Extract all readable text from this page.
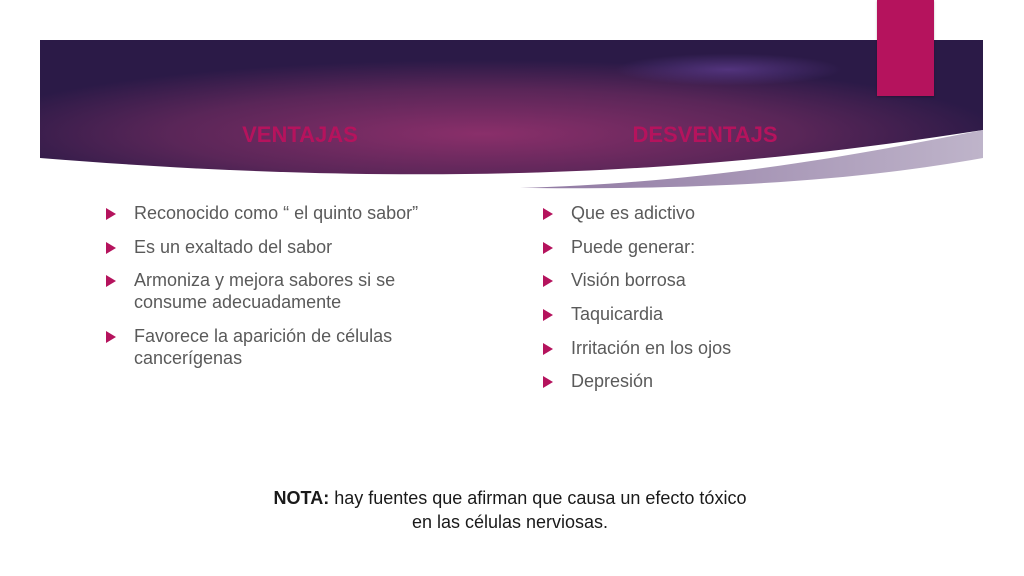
VENTAJAS	DESVENTAJS
Reconocido como “ el quinto sabor”
Es un exaltado del sabor
Armoniza y mejora sabores si se consume adecuadamente
Favorece la aparición de células cancerígenas
Que es adictivo
Puede generar:
Visión borrosa
Taquicardia
Irritación en los ojos
Depresión
NOTA: hay fuentes que afirman que causa un efecto tóxico
en las células nerviosas.
